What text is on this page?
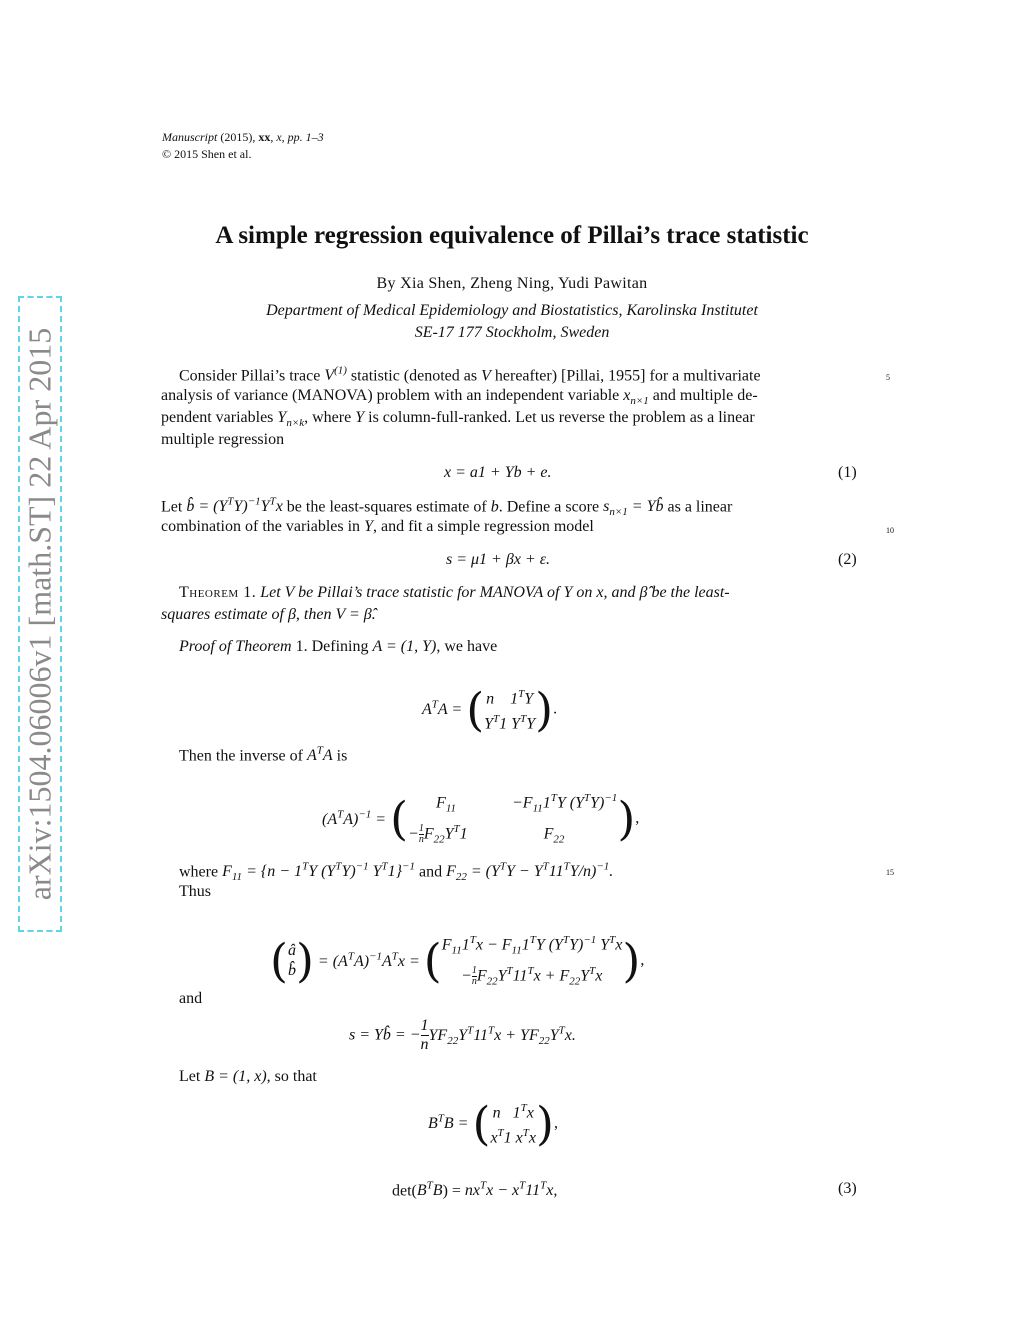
Manuscript (2015), xx, x, pp. 1–3
© 2015 Shen et al.
arXiv:1504.06006v1 [math.ST] 22 Apr 2015
A simple regression equivalence of Pillai’s trace statistic
By Xia Shen, Zheng Ning, Yudi Pawitan
Department of Medical Epidemiology and Biostatistics, Karolinska Institutet
SE-17 177 Stockholm, Sweden
Consider Pillai’s trace $V^{(1)}$ statistic (denoted as V hereafter) [Pillai, 1955] for a multivariate
analysis of variance (MANOVA) problem with an independent variable $x_{n\times 1}$ and multiple de-
pendent variables $Y_{n\times k}$, where Y is column-full-ranked. Let us reverse the problem as a linear
multiple regression
5
x = a1 + Yb + e.	(1)
Let b̂ = $(Y^TY)^{-1}Y^Tx$ be the least-squares estimate of b. Define a score $s_{n\times 1}$ = Yb̂ as a linear
combination of the variables in Y, and fit a simple regression model	10
s = μ1 + βx + ε.	(2)
Theorem 1. Let V be Pillai’s trace statistic for MANOVA of Y on x, and β̂ be the least-
squares estimate of β, then V = β̂.
Proof of Theorem 1. Defining A = (1, Y), we have
$A^TA$ = ( n    $1^TY$
$Y^T1$ $Y^TY$ ).
Then the inverse of $A^TA$ is
$(A^TA)^{-1}$ = ( $F_{11}$              $-F_{11}1^TY$ $(Y^TY)^{-1}$
− $\frac{1}{n} F_{22}Y^T1$                   $F_{22}$	),
where $F_{11} = \{n - 1^TY$ $(Y^TY)^{-1}$ $Y^T1\}^{-1}$ and $F_{22} = (Y^TY - Y^T11^TY/n)^{-1}$.	15
Thus
( â
b̂ ) = $(A^TA)^{-1}A^Tx$ = ( $F_{11}1^Tx - F_{11}1^TY$ $(Y^TY)^{-1}$ $Y^Tx$
− $\frac{1}{n} F_{22}Y^T11^Tx + F_{22}Y^Tx$ ),
and
s = Yb̂ = − $\frac{1}{n} YF_{22}Y^T11^Tx + YF_{22}Y^Tx$.
Let B = (1, x), so that
$B^TB$ = ( n   $1^Tx$
$x^T1$ $x^Tx$ ),
$\det(B^TB) = nx^Tx - x^T11^Tx$,	(3)
